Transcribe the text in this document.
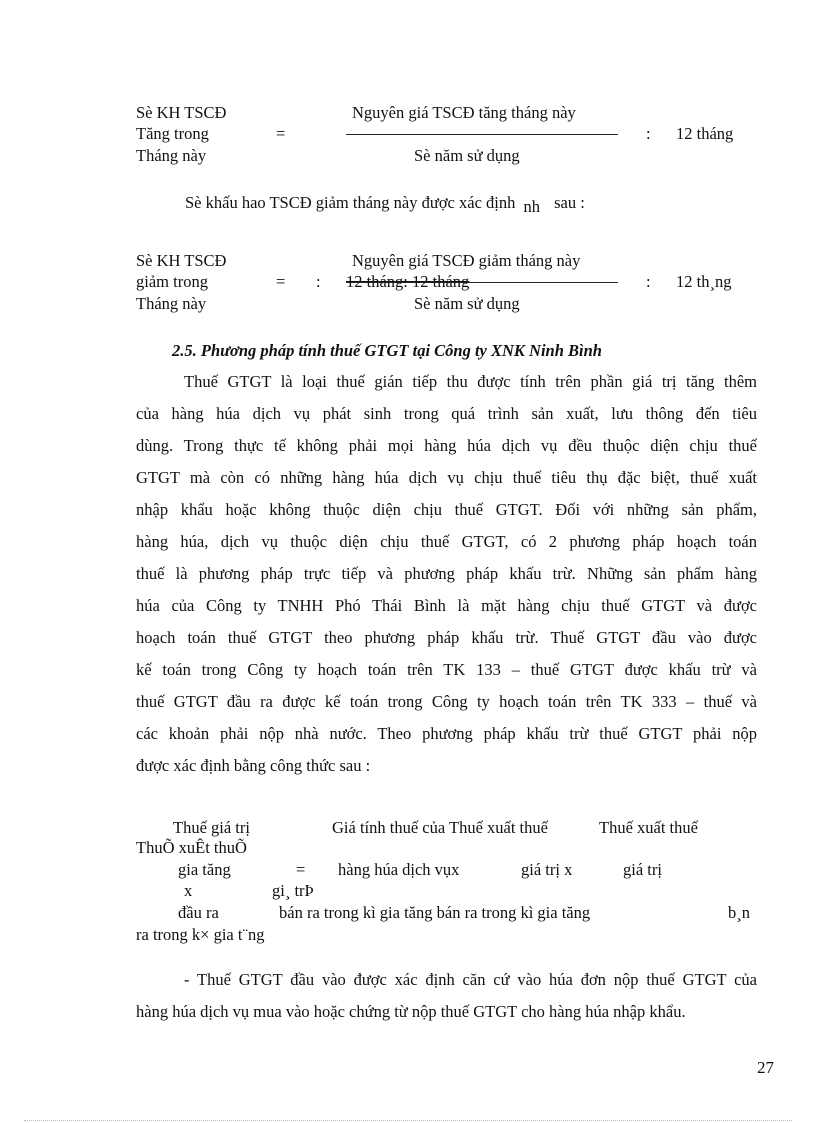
Sè KH TSCĐ
Tăng trong
Tháng này
=
Nguyên giá TSCĐ tăng tháng này
Sè năm sử dụng
: 12 tháng
Sè khấu hao TSCĐ giảm tháng này được xác định nh sau :
Sè KH TSCĐ
giảm trong
Tháng này
= :
Nguyên giá TSCĐ giảm tháng này
12 tháng: 12 tháng
Sè năm sử dụng
: 12 th¸ng
2.5. Phương pháp tính thuế GTGT tại Công ty XNK Ninh Bình
Thuế GTGT là loại thuế gián tiếp thu được tính trên phần giá trị tăng thêm
của hàng húa dịch vụ phát sinh trong quá trình sản xuất, lưu thông đến tiêu
dùng. Trong thực tế không phải mọi hàng húa dịch vụ đều thuộc diện chịu thuế
GTGT mà còn có những hàng húa dịch vụ chịu thuế tiêu thụ đặc biệt, thuế xuất
nhập khẩu hoặc không thuộc diện chịu thuế GTGT. Đối với những sản phẩm,
hàng húa, dịch vụ thuộc diện chịu thuế GTGT, có 2 phương pháp hoạch toán
thuế là phương pháp trực tiếp và phương pháp khấu trừ. Những sản phẩm hàng
húa của Công ty TNHH Phó Thái Bình là mặt hàng chịu thuế GTGT và được
hoạch toán thuế GTGT theo phương pháp khấu trừ. Thuế GTGT đầu vào được
kế toán trong Công ty hoạch toán trên TK 133 – thuế GTGT được khấu trừ và
thuế GTGT đầu ra được kế toán trong Công ty hoạch toán trên TK 333 – thuế và
các khoản phải nộp nhà nước. Theo phương pháp khấu trừ thuế GTGT phải nộp
được xác định bằng công thức sau :
Thuế giá trị	Giá tính thuế của Thuế xuất thuế	Thuế xuất thuế
ThuÕ xuÊt thuÕ
gia tăng	= hàng húa dịch vụx	giá trị x	giá trị
x	gi¸ trÞ
đầu ra	bán ra trong kì gia tăng bán ra trong kì gia tăng	b¸n
ra trong k× gia t¨ng
- Thuế GTGT đầu vào được xác định căn cứ vào húa đơn nộp thuế GTGT của
hàng húa dịch vụ mua vào hoặc chứng từ nộp thuế GTGT cho hàng húa nhập khẩu.
27
